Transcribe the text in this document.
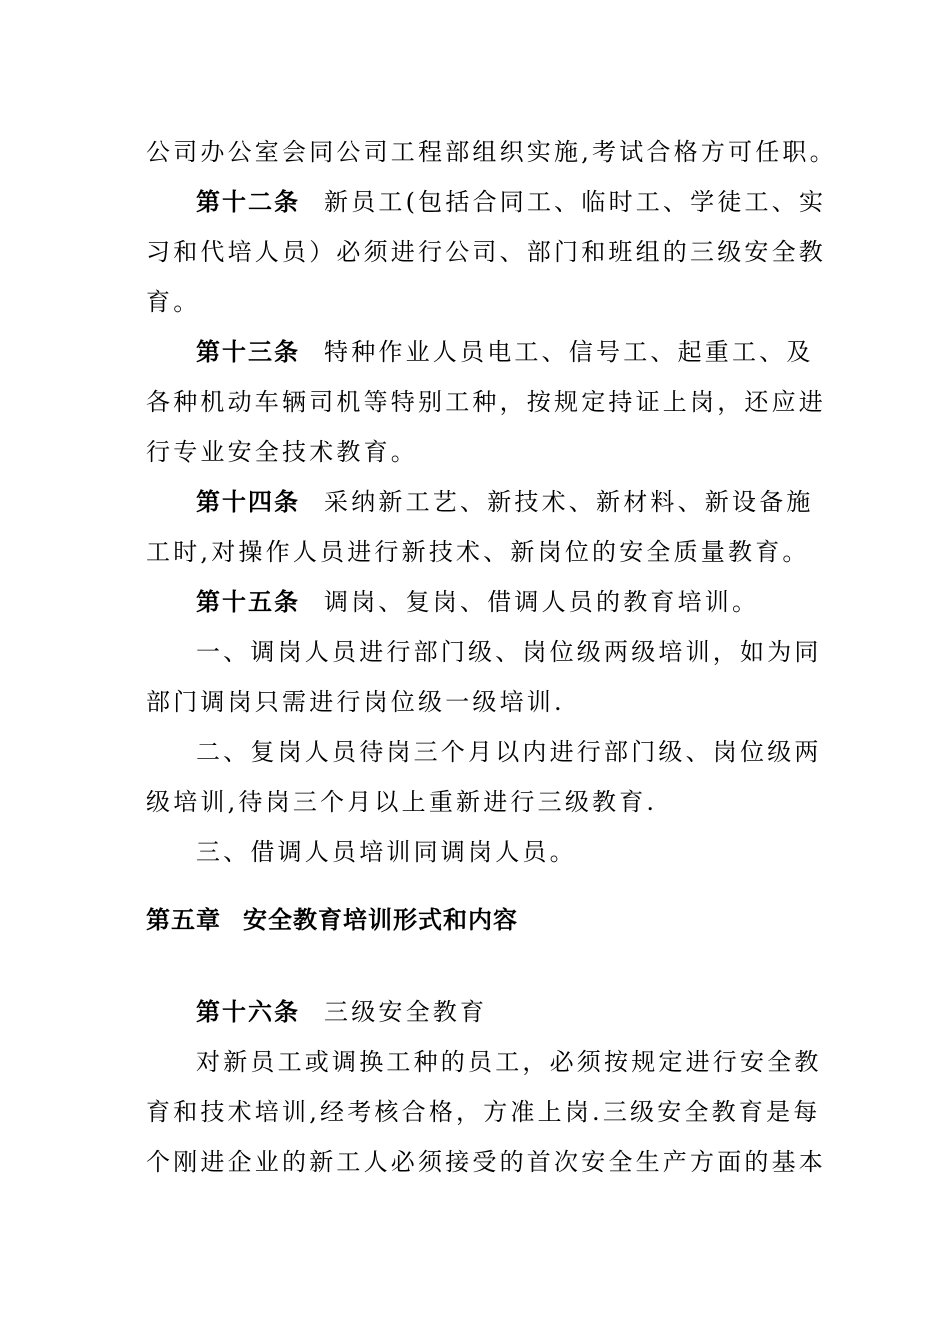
公司办公室会同公司工程部组织实施,考试合格方可任职。
第十二条 新员工(包括合同工、临时工、学徒工、实
习和代培人员）必须进行公司、部门和班组的三级安全教
育。
第十三条 特种作业人员电工、信号工、起重工、及
各种机动车辆司机等特别工种，按规定持证上岗，还应进
行专业安全技术教育。
第十四条 采纳新工艺、新技术、新材料、新设备施
工时,对操作人员进行新技术、新岗位的安全质量教育。
第十五条 调岗、复岗、借调人员的教育培训。
一、调岗人员进行部门级、岗位级两级培训，如为同
部门调岗只需进行岗位级一级培训.
二、复岗人员待岗三个月以内进行部门级、岗位级两
级培训,待岗三个月以上重新进行三级教育.
三、借调人员培训同调岗人员。
第五章 安全教育培训形式和内容
第十六条 三级安全教育
对新员工或调换工种的员工，必须按规定进行安全教
育和技术培训,经考核合格，方准上岗.三级安全教育是每
个刚进企业的新工人必须接受的首次安全生产方面的基本
